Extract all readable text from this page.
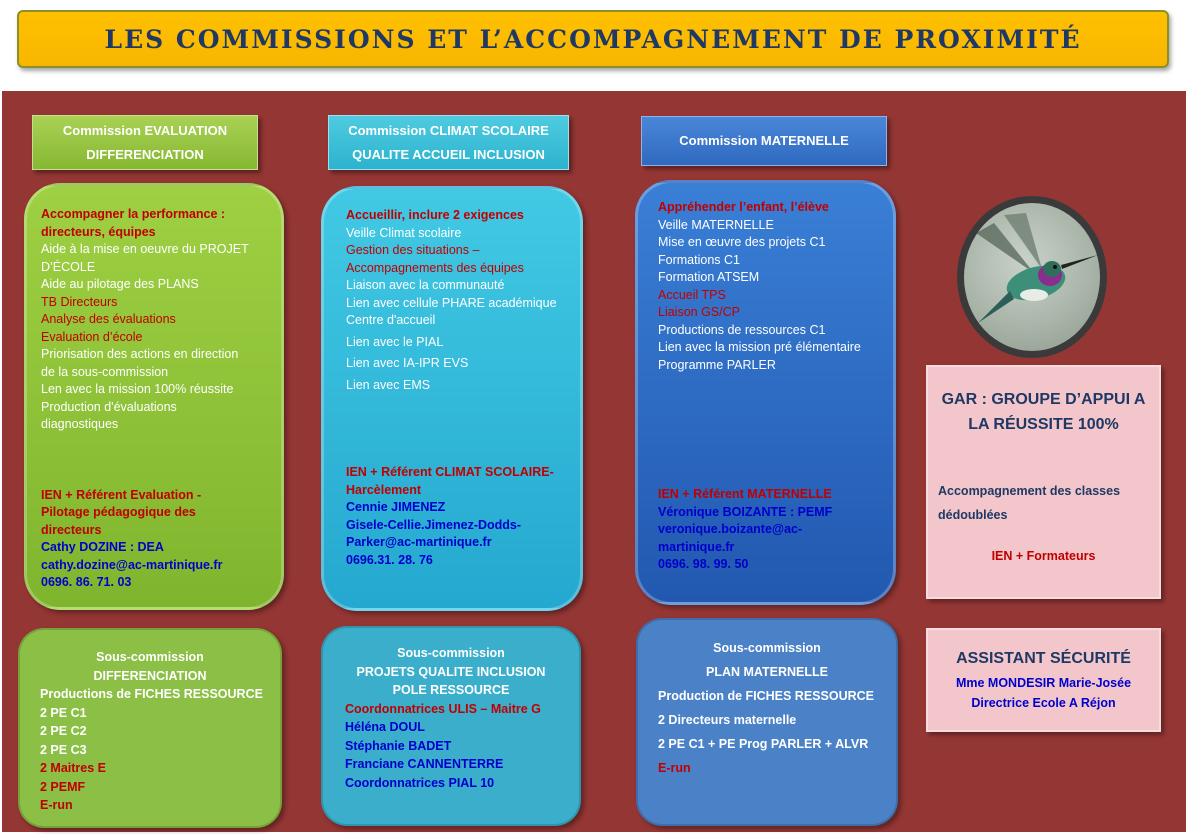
LES COMMISSIONS ET L’ACCOMPAGNEMENT DE PROXIMITÉ
Commission EVALUATION
DIFFERENCIATION

Accompagner la performance :

directeurs, équipes

Aide à la mise en oeuvre du PROJET

D’ÉCOLE

Aide au pilotage des PLANS

TB Directeurs

Analyse des évaluations

Evaluation d’école

Priorisation des actions en direction

de la sous-commission

Len avec la mission 100% réussite

Production d'évaluations

diagnostiques

IEN + Référent Evaluation -

Pilotage pédagogique des

directeurs

Cathy DOZINE : DEA

cathy.dozine@ac-martinique.fr

0696. 86. 71. 03

Sous-commission

DIFFERENCIATION

Productions de FICHES RESSOURCE

2 PE C1

2 PE C2

2 PE C3

2 Maitres E

2 PEMF

E-run

Commission CLIMAT SCOLAIRE
QUALITE ACCUEIL INCLUSION

Accueillir, inclure 2 exigences

Veille Climat scolaire

Gestion des situations –

Accompagnements des équipes

Liaison avec la communauté

Lien avec cellule PHARE académique

Centre d'accueil

Lien avec le PIAL

Lien avec IA-IPR EVS

Lien avec EMS

IEN + Référent CLIMAT SCOLAIRE-

Harcèlement

Cennie JIMENEZ

Gisele-Cellie.Jimenez-Dodds-

Parker@ac-martinique.fr

0696.31. 28. 76

Sous-commission

PROJETS QUALITE INCLUSION

POLE RESSOURCE

Coordonnatrices ULIS – Maitre G

Héléna DOUL

Stéphanie BADET

Franciane CANNENTERRE

Coordonnatrices PIAL 10

Commission MATERNELLE

Appréhender l’enfant, l’élève

Veille MATERNELLE

Mise en œuvre des projets C1

Formations C1

Formation ATSEM

Accueil TPS

Liaison GS/CP

Productions de ressources C1

Lien avec la mission pré élémentaire

Programme PARLER

IEN + Référent MATERNELLE

Véronique BOIZANTE : PEMF

veronique.boizante@ac-

martinique.fr

0696. 98. 99. 50

Sous-commission

PLAN MATERNELLE

Production de FICHES RESSOURCE

2 Directeurs maternelle

2 PE C1 + PE Prog PARLER + ALVR

E-run

GAR : GROUPE D’APPUI A LA RÉUSSITE 100%

Accompagnement des classes dédoublées

IEN + Formateurs

ASSISTANT SÉCURITÉ

Mme MONDESIR Marie-Josée

Directrice Ecole A Réjon
